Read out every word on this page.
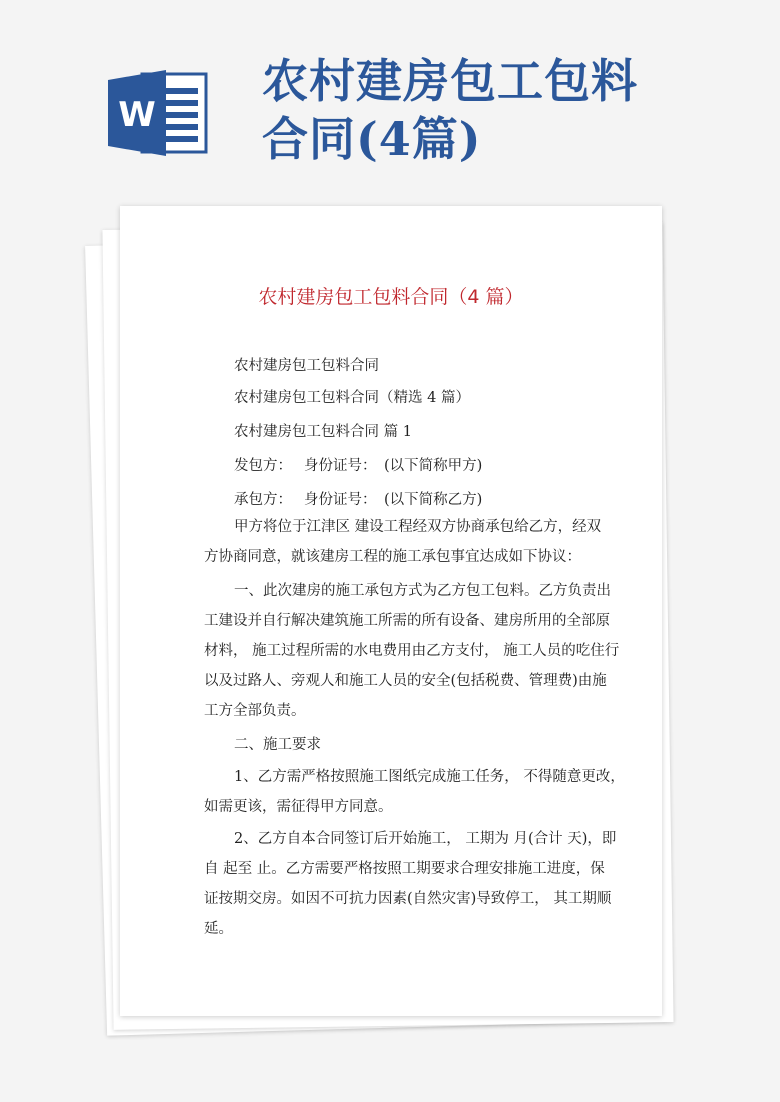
W
农村建房包工包料
合同(4篇)
农村建房包工包料合同（4 篇）
农村建房包工包料合同
农村建房包工包料合同（精选 4 篇）
农村建房包工包料合同 篇 1
发包方： 身份证号： (以下简称甲方)
承包方： 身份证号： (以下简称乙方)
甲方将位于江津区 建设工程经双方协商承包给乙方，经双
方协商同意，就该建房工程的施工承包事宜达成如下协议：
一、此次建房的施工承包方式为乙方包工包料。乙方负责出
工建设并自行解决建筑施工所需的所有设备、建房所用的全部原
材料， 施工过程所需的水电费用由乙方支付， 施工人员的吃住行
以及过路人、旁观人和施工人员的安全(包括税费、管理费)由施
工方全部负责。
二、施工要求
1、乙方需严格按照施工图纸完成施工任务， 不得随意更改，
如需更该，需征得甲方同意。
2、乙方自本合同签订后开始施工， 工期为 月(合计 天)，即
自 起至 止。乙方需要严格按照工期要求合理安排施工进度，保
证按期交房。如因不可抗力因素(自然灾害)导致停工， 其工期顺
延。
